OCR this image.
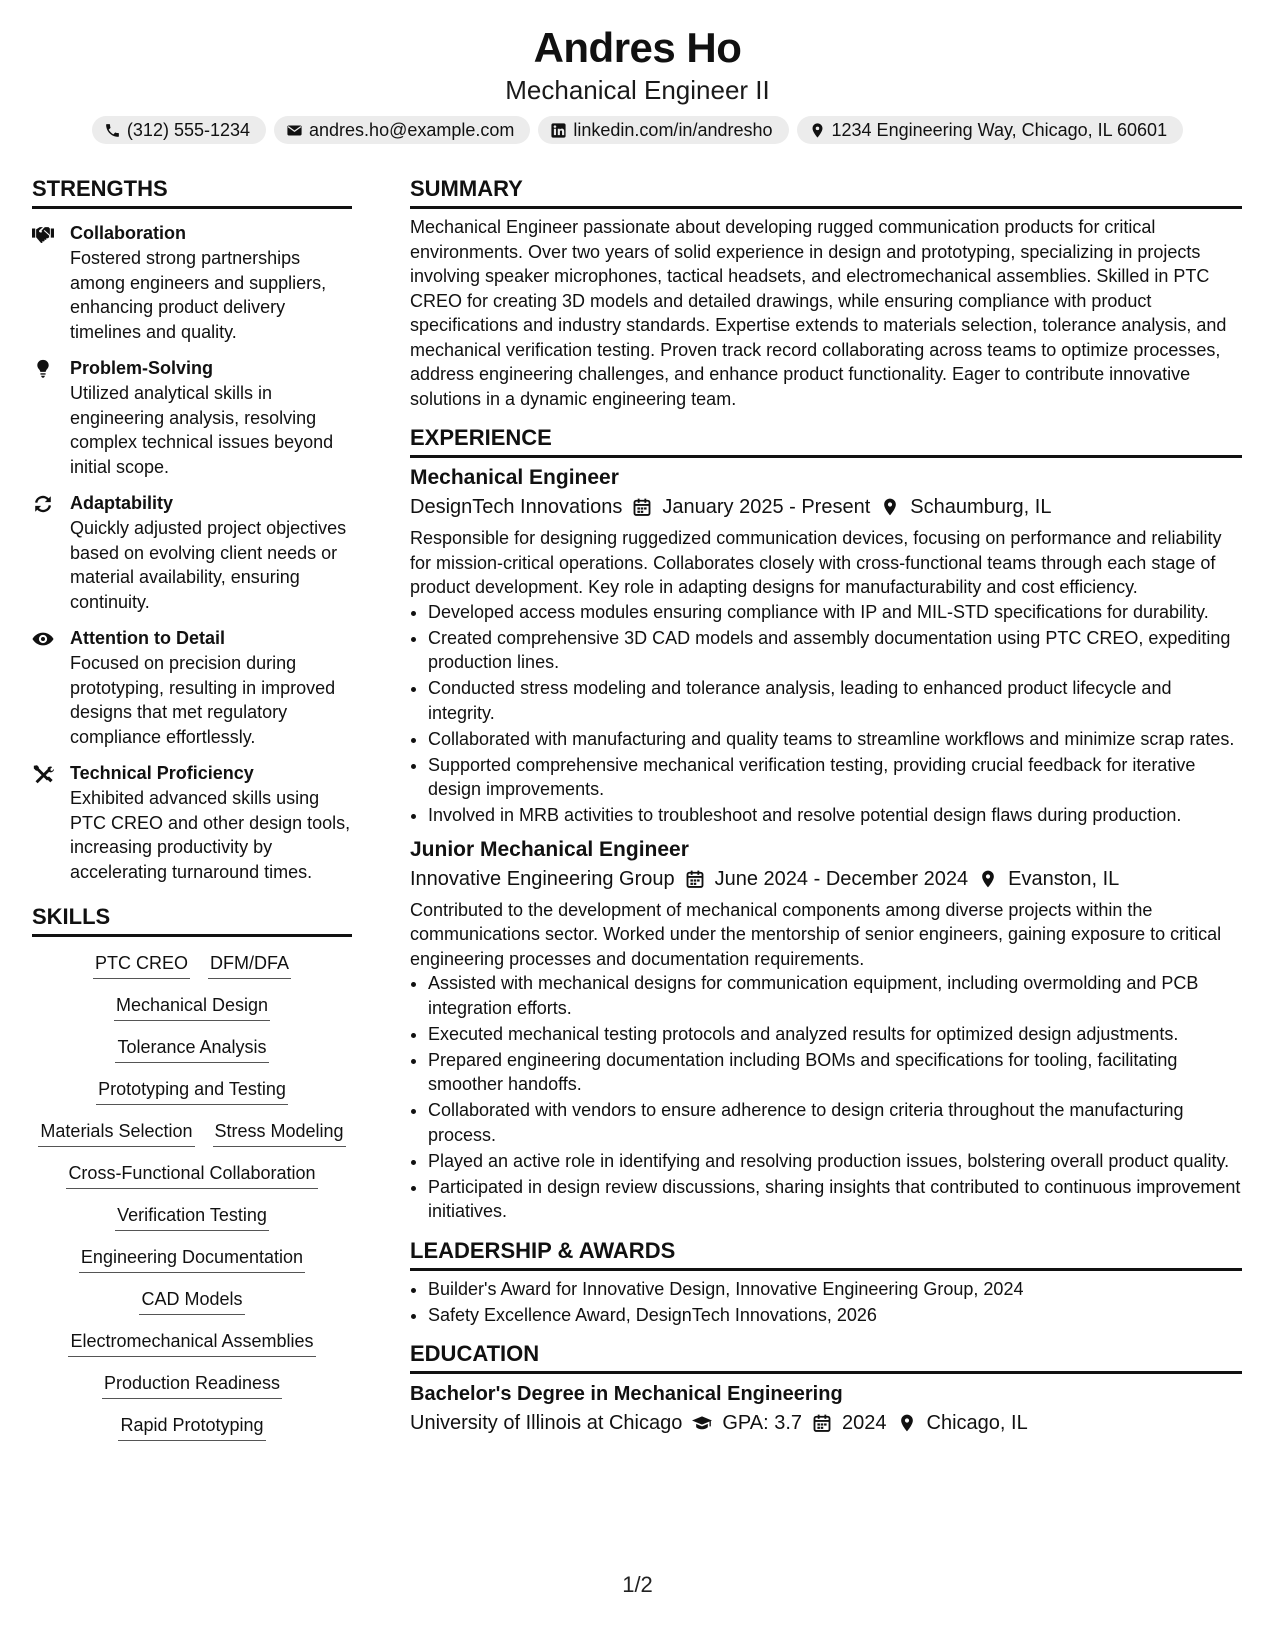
Andres Ho
Mechanical Engineer II
(312) 555-1234	andres.ho@example.com	linkedin.com/in/andresho	1234 Engineering Way, Chicago, IL 60601
STRENGTHS
Collaboration
Fostered strong partnerships among engineers and suppliers, enhancing product delivery timelines and quality.
Problem-Solving
Utilized analytical skills in engineering analysis, resolving complex technical issues beyond initial scope.
Adaptability
Quickly adjusted project objectives based on evolving client needs or material availability, ensuring continuity.
Attention to Detail
Focused on precision during prototyping, resulting in improved designs that met regulatory compliance effortlessly.
Technical Proficiency
Exhibited advanced skills using PTC CREO and other design tools, increasing productivity by accelerating turnaround times.
SKILLS
PTC CREO DFM/DFA
Mechanical Design
Tolerance Analysis
Prototyping and Testing
Materials Selection Stress Modeling
Cross-Functional Collaboration
Verification Testing
Engineering Documentation
CAD Models
Electromechanical Assemblies
Production Readiness
Rapid Prototyping
SUMMARY

Mechanical Engineer passionate about developing rugged communication products for critical environments. Over two years of solid experience in design and prototyping, specializing in projects involving speaker microphones, tactical headsets, and electromechanical assemblies. Skilled in PTC CREO for creating 3D models and detailed drawings, while ensuring compliance with product specifications and industry standards. Expertise extends to materials selection, tolerance analysis, and mechanical verification testing. Proven track record collaborating across teams to optimize processes, address engineering challenges, and enhance product functionality. Eager to contribute innovative solutions in a dynamic engineering team.

EXPERIENCE
Mechanical Engineer
DesignTech Innovations January 2025 - Present Schaumburg, IL

Responsible for designing ruggedized communication devices, focusing on performance and reliability for mission-critical operations. Collaborates closely with cross-functional teams through each stage of product development. Key role in adapting designs for manufacturability and cost efficiency.

• Developed access modules ensuring compliance with IP and MIL-STD specifications for durability.
• Created comprehensive 3D CAD models and assembly documentation using PTC CREO, expediting production lines.
• Conducted stress modeling and tolerance analysis, leading to enhanced product lifecycle and integrity.
• Collaborated with manufacturing and quality teams to streamline workflows and minimize scrap rates.
• Supported comprehensive mechanical verification testing, providing crucial feedback for iterative design improvements.
• Involved in MRB activities to troubleshoot and resolve potential design flaws during production.
Junior Mechanical Engineer
Innovative Engineering Group June 2024 - December 2024 Evanston, IL

Contributed to the development of mechanical components among diverse projects within the communications sector. Worked under the mentorship of senior engineers, gaining exposure to critical engineering processes and documentation requirements.

• Assisted with mechanical designs for communication equipment, including overmolding and PCB integration efforts.
• Executed mechanical testing protocols and analyzed results for optimized design adjustments.
• Prepared engineering documentation including BOMs and specifications for tooling, facilitating smoother handoffs.
• Collaborated with vendors to ensure adherence to design criteria throughout the manufacturing process.
• Played an active role in identifying and resolving production issues, bolstering overall product quality.
• Participated in design review discussions, sharing insights that contributed to continuous improvement initiatives.
LEADERSHIP & AWARDS
• Builder's Award for Innovative Design, Innovative Engineering Group, 2024
• Safety Excellence Award, DesignTech Innovations, 2026
EDUCATION
Bachelor's Degree in Mechanical Engineering
University of Illinois at Chicago GPA: 3.7 2024 Chicago, IL
1/2
